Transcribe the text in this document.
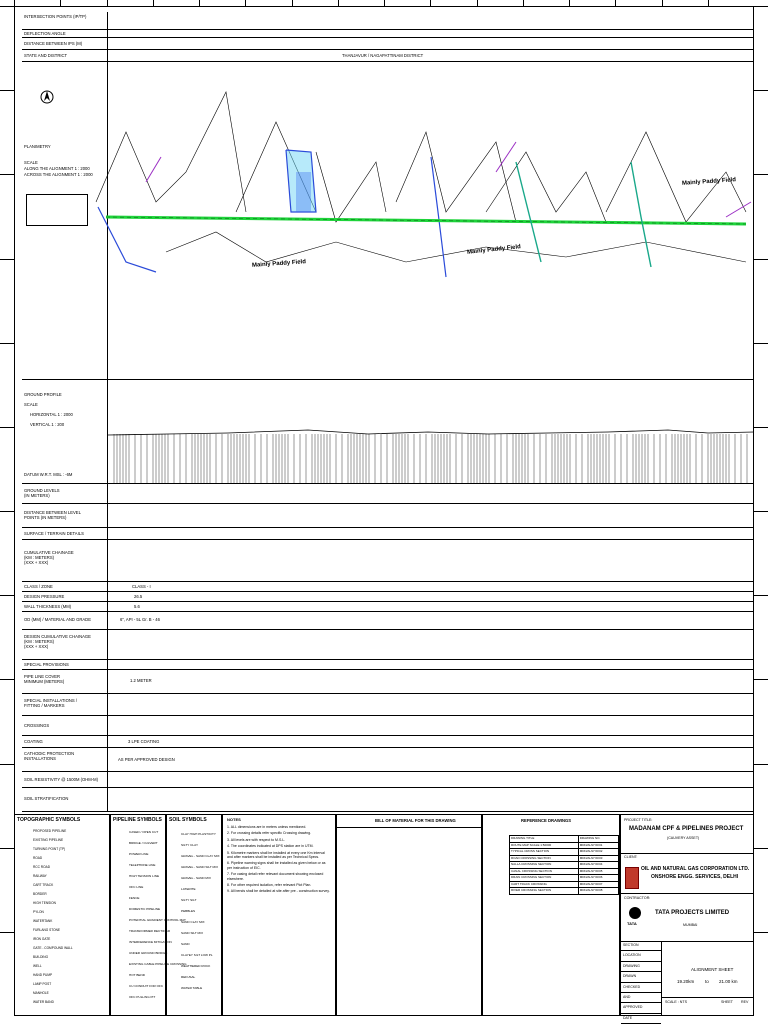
INTERSECTION POINTS (IP/TP)
DEFLECTION ANGLE
DISTANCE BETWEEN IPS (M)
STATE AND DISTRICT	THANJAVUR / NAGAPATTINAM DISTRICT
PLANIMETRY
SCALE
ALONG THE ALIGNMENT 1 : 2000
ACROSS THE ALIGNMENT 1 : 2000
Mainly Paddy Field
Mainly Paddy Field
Mainly Paddy Field
GROUND PROFILE
SCALE
HORIZONTAL 1 : 2000
VERTICAL 1 : 200
DATUM W.R.T. MSL : -6M
GROUND LEVELS
(IN METERS)
DISTANCE BETWEEN LEVEL
POINTS (IN METERS)
SURFACE / TERRAIN DETAILS
CUMULATIVE CHAINAGE
(KM : METERS)
(XXX + XXX)
CLASS / ZONE	CLASS - I
DESIGN PRESSURE	26.5
WALL THICKNESS (MM)	5.6
OD (MM) / MATERIAL AND GRADE	6", API - 5L Gr. B - 46
DESIGN CUMULATIVE CHAINAGE
(KM : METERS)
(XXX + XXX)
SPECIAL PROVISIONS
PIPE LINE COVER
MINIMUM (METERS)	1.2 METER
SPECIAL INSTALLATIONS /
FITTING / MARKERS
CROSSINGS
COATING	3 LPE COATING
CATHODIC PROTECTION
INSTALLATIONS	AS PER APPROVED DESIGN
SOIL RESISTIVITY @ 1500M (OHM-M)
SOIL STRATIFICATION
TOPOGRAPHIC SYMBOLS
PROPOSED PIPELINE
EXISTING PIPELINE
TURNING POINT (TP)
ROAD
RCC ROAD
RAILWAY
CART TRACK
BORDER
HIGH TENSION
PYLON
WATERTANK
FURLANG STONE
IRON GATE
GATE - COMPOUND WALL
BUILDING
WELL
HAND PUMP
LAMP POST
MANHOLE
WATER BAND
PIPELINE SYMBOLS
CASED / OPEN CUT
BRIDGE / CULVERT
POWER LINE
TELEPHONE LINE
HIGH TENSION LINE
OFC LINE
FENCE
DOMESTIC PIPELINE
POTENTIAL GRADIENT CONTROL MAT
TRANSFORMER RECTIFIER
INTERFERENCE MITIGATION
UNDER GROUND BRIDGE
EXISTING CABLE PIPELINE CROSSING
HOT BEND
CU CONDUIT FOR OFC
OFC PULLING PIT
SOIL SYMBOLS
CLAY HIGH PLASTICITY
SILTY CLAY
GRAVEL - SAND CLAY MIX
GRAVEL - SAND SILT MIX
GRAVEL - SAND MIX
LATERITE
SILTY SILT
PEBBLES
SAND CLAY MIX
SAND SILT MIX
SAND
CLAYEY SILT LOW PL
WEATHERED ROCK
REFUSAL
WATER TABLE
NOTES

1. ALL dimensions are in meters unless mentioned.

2. For crossing details refer specific Crossing drawing.

3. All levels are with respect to M.S.L.

4. The coordinates indicated at DPS station are in UTM.

5. Kilometre markers shall be installed at every one Km interval and after markers shall be installed as per Technical Specs.

6. Pipeline warning signs shall be installed as given below or as per instruction of EIC.

7. For casing detail refer relevant document showing enclosed elsewhere.

8. For other required isolation, refer relevant Plot Plan.

9. All bends shall be detailed at site after pre - construction survey.

BILL OF MATERIAL FOR THIS DRAWING	REFERENCE DRAWINGS
DRAWING TITLE	DRAWING NO.
ROUTE MAP SCALE 1:50000	MDN/ALN/YD/01
TYPICAL CROSS SECTION	MDN/ALN/YD/02
ROAD CROSSING SECTION	MDN/ALN/YD/03
NALLA CROSSING SECTION	MDN/ALN/YD/04
CANAL CROSSING SECTION	MDN/ALN/YD/05
DRAIN CROSSING SECTION	MDN/ALN/YD/06
CART TRACK CROSSING	MDN/ALN/YD/07
RIVER CROSSING SECTION	MDN/ALN/YD/08
PROJECT TITLE:
MADANAM CPF & PIPELINES PROJECT
(CAUVERY ASSET)
CLIENT:
OIL AND NATURAL GAS CORPORATION LTD.
ONSHORE ENGG. SERVICES, DELHI
CONTRACTOR:
TATA
TATA PROJECTS LIMITED
MUMBAI
SECTION
LOCATION
DRAWING
DRAWN
CHECKED
AND
APPROVED
DATE
ALIGNMENT SHEET
19.20km to 21.00 km
SCALE : NTS	SHEET REV
